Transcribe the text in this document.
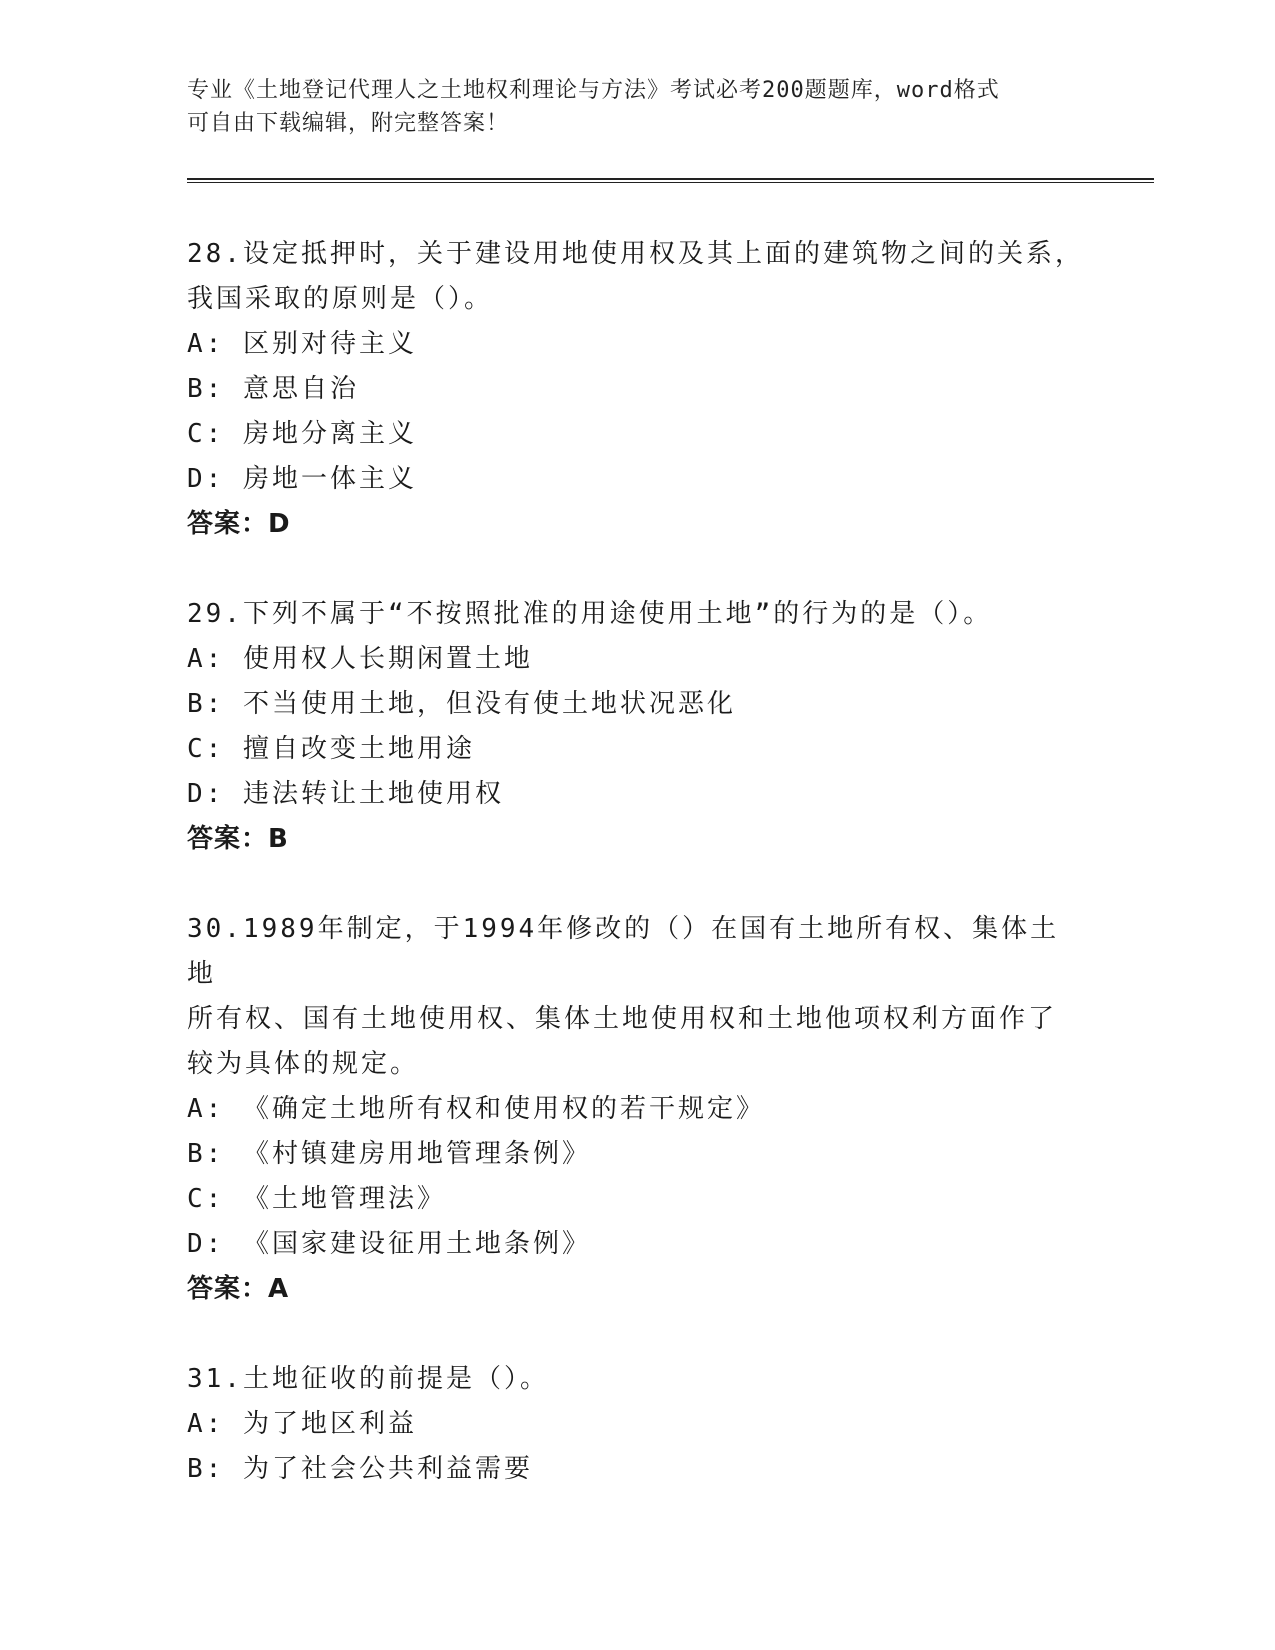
专业《土地登记代理人之土地权利理论与方法》考试必考200题题库，word格式
可自由下载编辑，附完整答案！

28.设定抵押时，关于建设用地使用权及其上面的建筑物之间的关系，

我国采取的原则是（）。

A: 区别对待主义

B: 意思自治

C: 房地分离主义

D: 房地一体主义

答案：D

29.下列不属于“不按照批准的用途使用土地”的行为的是（）。

A: 使用权人长期闲置土地

B: 不当使用土地，但没有使土地状况恶化

C: 擅自改变土地用途

D: 违法转让土地使用权

答案：B

30.1989年制定，于1994年修改的（）在国有土地所有权、集体土地

所有权、国有土地使用权、集体土地使用权和土地他项权利方面作了

较为具体的规定。

A: 《确定土地所有权和使用权的若干规定》

B: 《村镇建房用地管理条例》

C: 《土地管理法》

D: 《国家建设征用土地条例》

答案：A

31.土地征收的前提是（）。

A: 为了地区利益

B: 为了社会公共利益需要
